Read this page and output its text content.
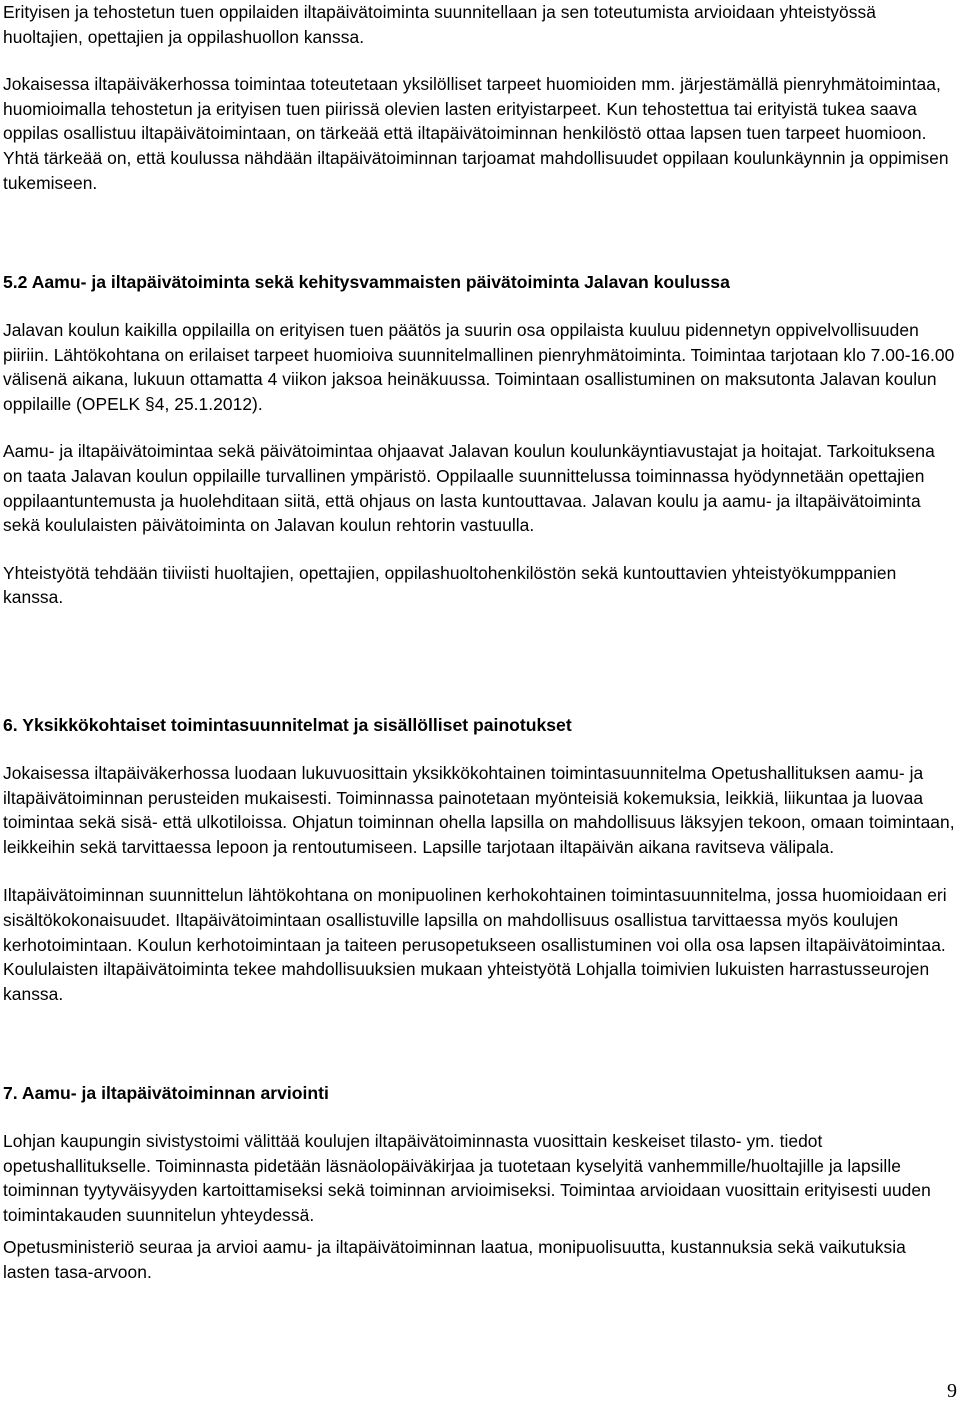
Erityisen ja tehostetun tuen oppilaiden iltapäivätoiminta suunnitellaan ja sen toteutumista arvioidaan yhteistyössä huoltajien, opettajien ja oppilashuollon kanssa.

Jokaisessa iltapäiväkerhossa toimintaa toteutetaan yksilölliset tarpeet huomioiden mm. järjestämällä pienryhmätoimintaa, huomioimalla tehostetun ja erityisen tuen piirissä olevien lasten erityistarpeet. Kun tehostettua tai erityistä tukea saava oppilas osallistuu iltapäivätoimintaan, on tärkeää että iltapäivätoiminnan henkilöstö ottaa lapsen tuen tarpeet huomioon. Yhtä tärkeää on, että koulussa nähdään iltapäivätoiminnan tarjoamat mahdollisuudet oppilaan koulunkäynnin ja oppimisen tukemiseen.

5.2 Aamu- ja iltapäivätoiminta sekä kehitysvammaisten päivätoiminta Jalavan koulussa

Jalavan koulun kaikilla oppilailla on erityisen tuen päätös ja suurin osa oppilaista kuuluu pidennetyn oppivelvollisuuden piiriin. Lähtökohtana on erilaiset tarpeet huomioiva suunnitelmallinen pienryhmätoiminta. Toimintaa tarjotaan klo 7.00-16.00 välisenä aikana, lukuun ottamatta 4 viikon jaksoa heinäkuussa. Toimintaan osallistuminen on maksutonta Jalavan koulun oppilaille (OPELK §4, 25.1.2012).

Aamu- ja iltapäivätoimintaa sekä päivätoimintaa ohjaavat Jalavan koulun koulunkäyntiavustajat ja hoitajat. Tarkoituksena on taata Jalavan koulun oppilaille turvallinen ympäristö. Oppilaalle suunnittelussa toiminnassa hyödynnetään opettajien oppilaantuntemusta ja huolehditaan siitä, että ohjaus on lasta kuntouttavaa. Jalavan koulu ja aamu- ja iltapäivätoiminta sekä koululaisten päivätoiminta on Jalavan koulun rehtorin vastuulla.

Yhteistyötä tehdään tiiviisti huoltajien, opettajien, oppilashuoltohenkilöstön sekä kuntouttavien yhteistyökumppanien kanssa.

6. Yksikkökohtaiset toimintasuunnitelmat ja sisällölliset painotukset

Jokaisessa iltapäiväkerhossa luodaan lukuvuosittain yksikkökohtainen toimintasuunnitelma Opetushallituksen aamu- ja iltapäivätoiminnan perusteiden mukaisesti. Toiminnassa painotetaan myönteisiä kokemuksia, leikkiä, liikuntaa ja luovaa toimintaa sekä sisä- että ulkotiloissa. Ohjatun toiminnan ohella lapsilla on mahdollisuus läksyjen tekoon, omaan toimintaan, leikkeihin sekä tarvittaessa lepoon ja rentoutumiseen. Lapsille tarjotaan iltapäivän aikana ravitseva välipala.

Iltapäivätoiminnan suunnittelun lähtökohtana on monipuolinen kerhokohtainen toimintasuunnitelma, jossa huomioidaan eri sisältökokonaisuudet. Iltapäivätoimintaan osallistuville lapsilla on mahdollisuus osallistua tarvittaessa myös koulujen kerhotoimintaan. Koulun kerhotoimintaan ja taiteen perusopetukseen osallistuminen voi olla osa lapsen iltapäivätoimintaa. Koululaisten iltapäivätoiminta tekee mahdollisuuksien mukaan yhteistyötä Lohjalla toimivien lukuisten harrastusseurojen kanssa.

7. Aamu- ja iltapäivätoiminnan arviointi

Lohjan kaupungin sivistystoimi välittää koulujen iltapäivätoiminnasta vuosittain keskeiset tilasto- ym. tiedot opetushallitukselle. Toiminnasta pidetään läsnäolopäiväkirjaa ja tuotetaan kyselyitä vanhemmille/huoltajille ja lapsille toiminnan tyytyväisyyden kartoittamiseksi sekä toiminnan arvioimiseksi. Toimintaa arvioidaan vuosittain erityisesti uuden toimintakauden suunnitelun yhteydessä.

Opetusministeriö seuraa ja arvioi aamu- ja iltapäivätoiminnan laatua, monipuolisuutta, kustannuksia sekä vaikutuksia lasten tasa-arvoon.

9
